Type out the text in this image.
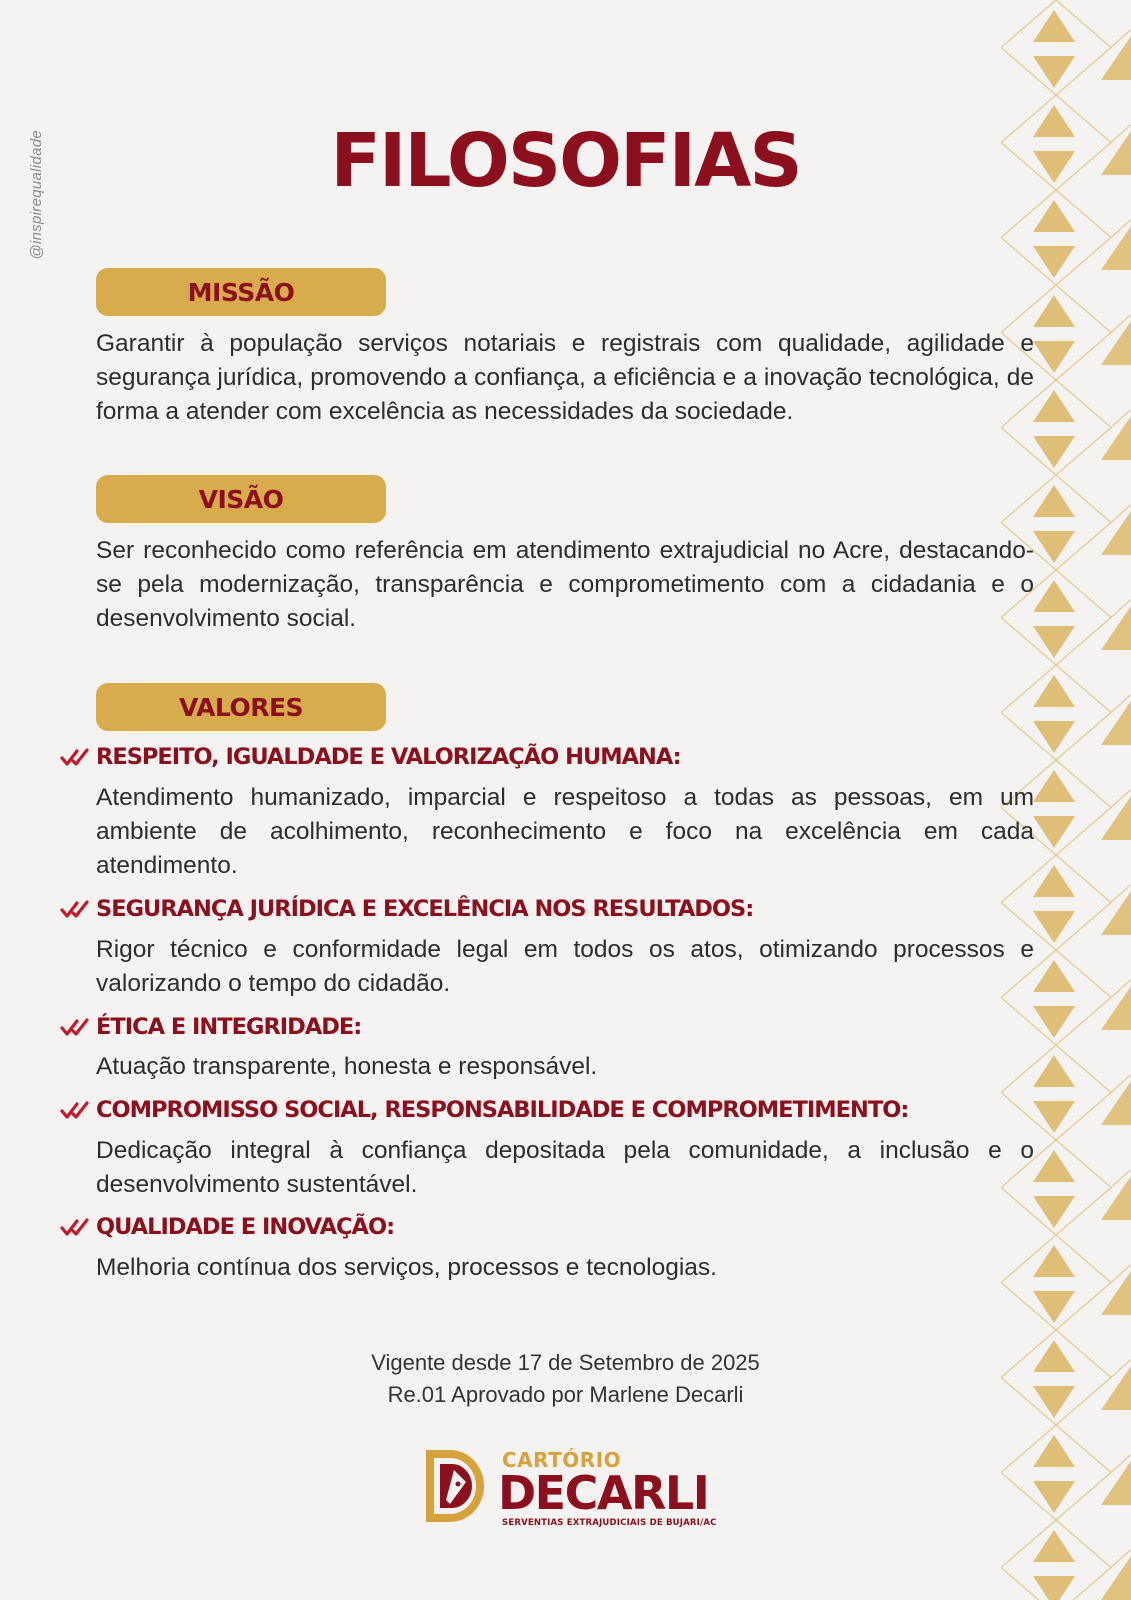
@inspirequalidade	FILOSOFIAS
MISSÃO

Garantir à população serviços notariais e registrais com qualidade, agilidade e segurança jurídica, promovendo a confiança, a eficiência e a inovação tecnológica, de forma a atender com excelência as necessidades da sociedade.

VISÃO

Ser reconhecido como referência em atendimento extrajudicial no Acre, destacando-se pela modernização, transparência e comprometimento com a cidadania e o desenvolvimento social.

VALORES
RESPEITO, IGUALDADE E VALORIZAÇÃO HUMANA:

Atendimento humanizado, imparcial e respeitoso a todas as pessoas, em um ambiente de acolhimento, reconhecimento e foco na excelência em cada atendimento.

SEGURANÇA JURÍDICA E EXCELÊNCIA NOS RESULTADOS:

Rigor técnico e conformidade legal em todos os atos, otimizando processos e valorizando o tempo do cidadão.

ÉTICA E INTEGRIDADE:

Atuação transparente, honesta e responsável.

COMPROMISSO SOCIAL, RESPONSABILIDADE E COMPROMETIMENTO:

Dedicação integral à confiança depositada pela comunidade, a inclusão e o desenvolvimento sustentável.

QUALIDADE E INOVAÇÃO:

Melhoria contínua dos serviços, processos e tecnologias.

Vigente desde 17 de Setembro de 2025
Re.01 Aprovado por Marlene Decarli
CARTÓRIO
DECARLI
SERVENTIAS EXTRAJUDICIAIS DE BUJARI/AC
